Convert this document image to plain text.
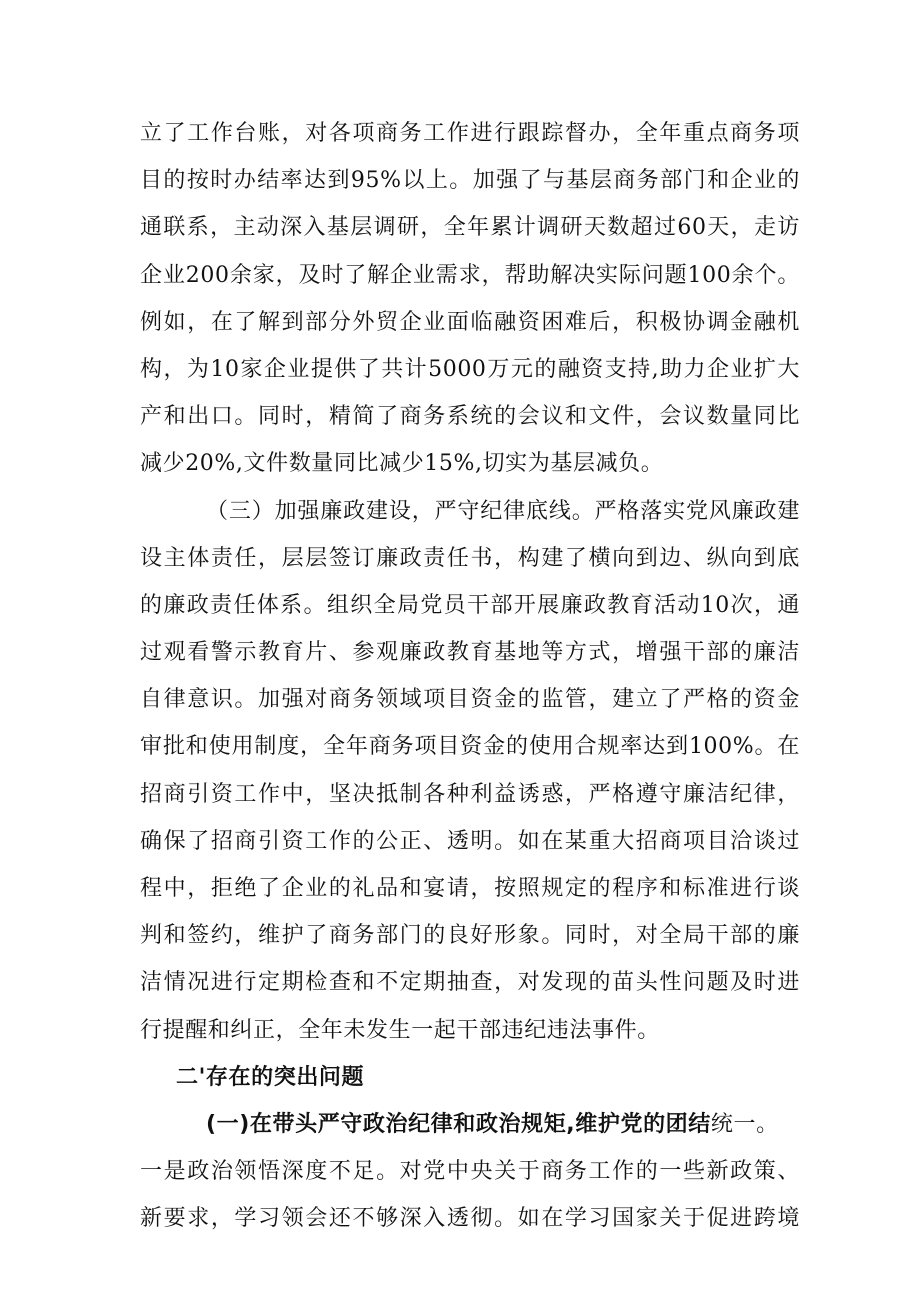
立了工作台账，对各项商务工作进行跟踪督办，全年重点商务项
目的按时办结率达到95%以上。加强了与基层商务部门和企业的
通联系，主动深入基层调研，全年累计调研天数超过60天，走访
企业200余家，及时了解企业需求，帮助解决实际问题100余个。
例如，在了解到部分外贸企业面临融资困难后，积极协调金融机
构，为10家企业提供了共计5000万元的融资支持,助力企业扩大
产和出口。同时，精简了商务系统的会议和文件，会议数量同比
减少20%,文件数量同比减少15%,切实为基层减负。
（三）加强廉政建设，严守纪律底线。严格落实党风廉政建
设主体责任，层层签订廉政责任书，构建了横向到边、纵向到底
的廉政责任体系。组织全局党员干部开展廉政教育活动10次，通
过观看警示教育片、参观廉政教育基地等方式，增强干部的廉洁
自律意识。加强对商务领域项目资金的监管，建立了严格的资金
审批和使用制度，全年商务项目资金的使用合规率达到100%。在
招商引资工作中，坚决抵制各种利益诱惑，严格遵守廉洁纪律，
确保了招商引资工作的公正、透明。如在某重大招商项目洽谈过
程中，拒绝了企业的礼品和宴请，按照规定的程序和标准进行谈
判和签约，维护了商务部门的良好形象。同时，对全局干部的廉
洁情况进行定期检查和不定期抽查，对发现的苗头性问题及时进
行提醒和纠正，全年未发生一起干部违纪违法事件。
二'存在的突出问题
(一)在带头严守政治纪律和政治规矩,维护党的团结统一。
一是政治领悟深度不足。对党中央关于商务工作的一些新政策、
新要求，学习领会还不够深入透彻。如在学习国家关于促进跨境
